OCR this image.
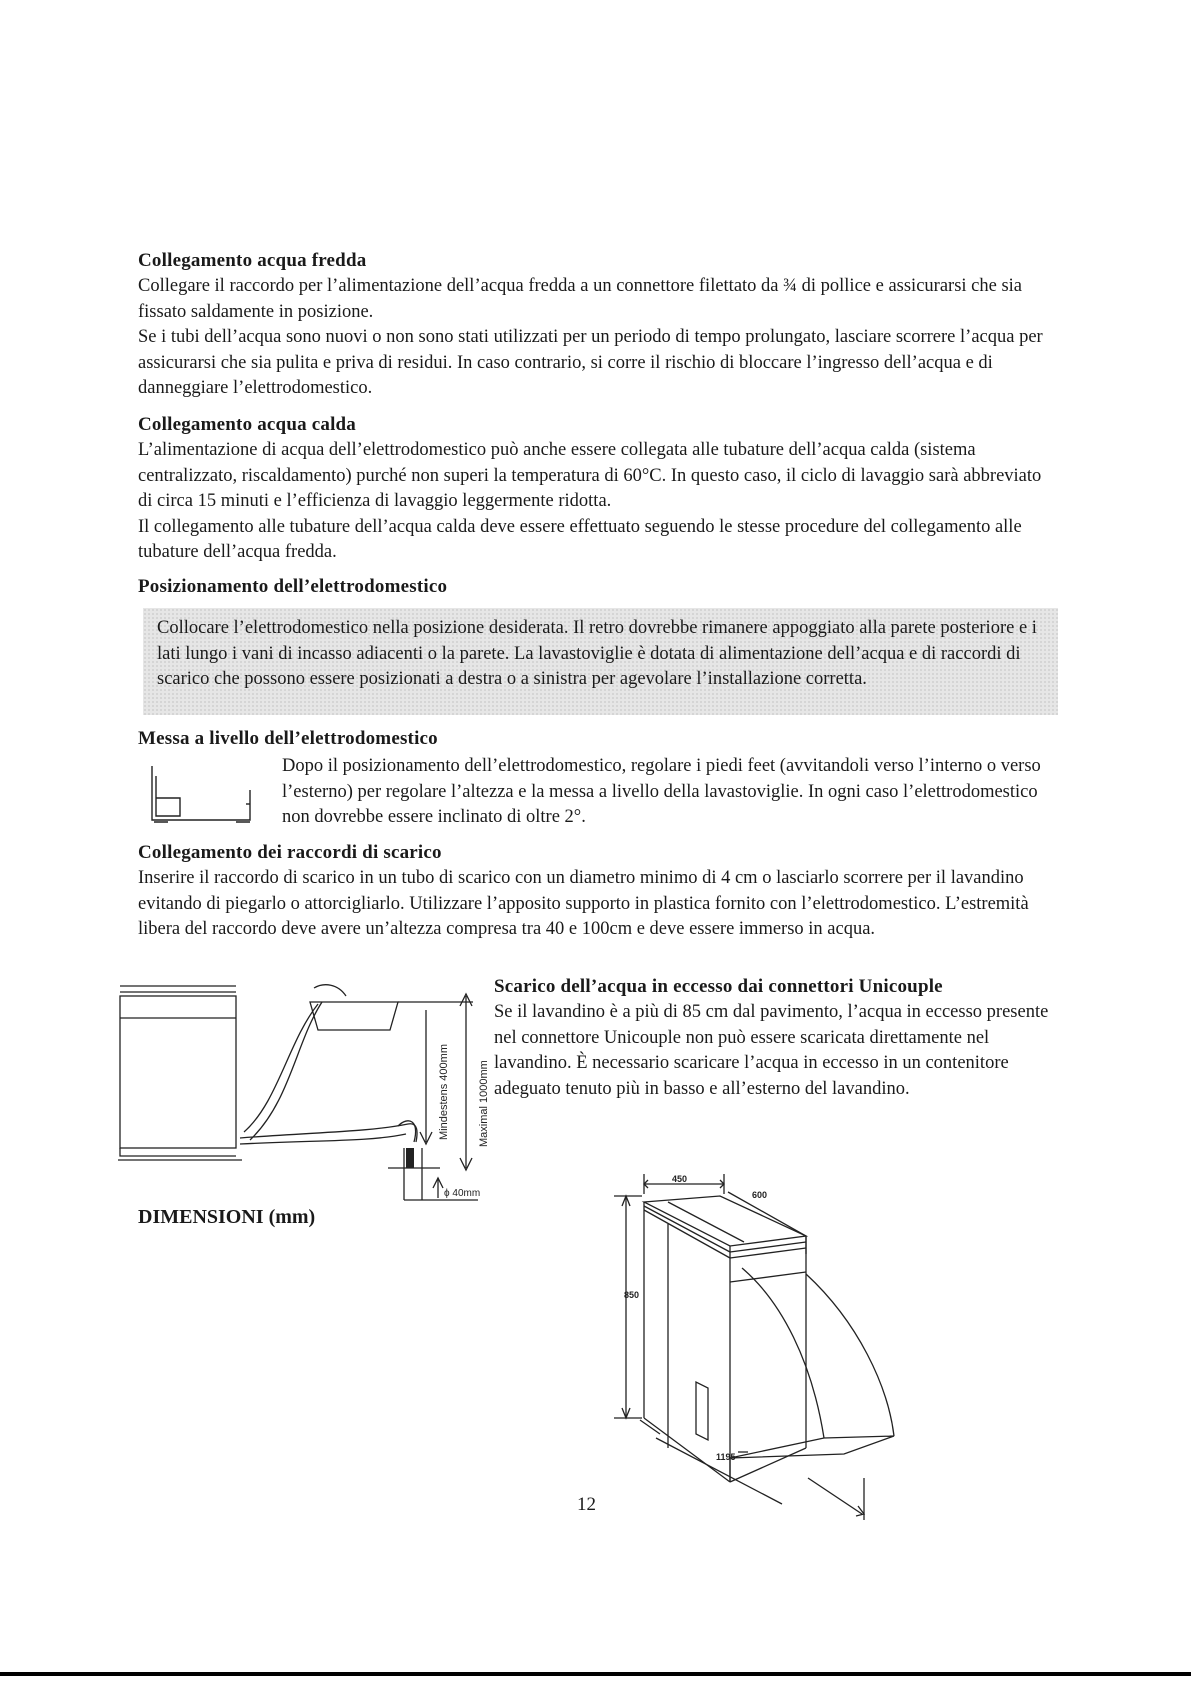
Collegamento acqua fredda

Collegare il raccordo per l’alimentazione dell’acqua fredda a un connettore filettato da ¾ di pollice e assicurarsi che sia fissato saldamente in posizione.

Se i tubi dell’acqua sono nuovi o non sono stati utilizzati per un periodo di tempo prolungato, lasciare scorrere l’acqua per assicurarsi che sia pulita e priva di residui. In caso contrario, si corre il rischio di bloccare l’ingresso dell’acqua e di danneggiare l’elettrodomestico.

Collegamento acqua calda

L’alimentazione di acqua dell’elettrodomestico può anche essere collegata alle tubature dell’acqua calda (sistema centralizzato, riscaldamento) purché non superi la temperatura di 60°C. In questo caso, il ciclo di lavaggio sarà abbreviato di circa 15 minuti e l’efficienza di lavaggio leggermente ridotta.

Il collegamento alle tubature dell’acqua calda deve essere effettuato seguendo le stesse procedure del collegamento alle tubature dell’acqua fredda.

Posizionamento dell’elettrodomestico

Collocare l’elettrodomestico nella posizione desiderata. Il retro dovrebbe rimanere appoggiato alla parete posteriore e i lati lungo i vani di incasso adiacenti o la parete. La lavastoviglie è dotata di alimentazione dell’acqua e di raccordi di scarico che possono essere posizionati a destra o a sinistra per agevolare l’installazione corretta.

Messa a livello dell’elettrodomestico

Dopo il posizionamento dell’elettrodomestico, regolare i piedi feet (avvitandoli verso l’interno o verso l’esterno) per regolare l’altezza e la messa a livello della lavastoviglie. In ogni caso l’elettrodomestico non dovrebbe essere inclinato di oltre 2°.

Collegamento dei raccordi di scarico

Inserire il raccordo di scarico in un tubo di scarico con un diametro minimo di 4 cm o lasciarlo scorrere per il lavandino evitando di piegarlo o attorcigliarlo. Utilizzare l’apposito supporto in plastica fornito con l’elettrodomestico. L’estremità libera del raccordo deve avere un’altezza compresa tra 40 e 100cm e deve essere immerso in acqua.

Mindestens 400mm	Maximal 1000mm
ϕ 40mm
Scarico dell’acqua in eccesso dai connettori Unicouple

Se il lavandino è a più di 85 cm dal pavimento, l’acqua in eccesso presente nel connettore Unicouple non può essere scaricata direttamente nel lavandino. È necessario scaricare l’acqua in eccesso in un contenitore adeguato tenuto più in basso e all’esterno del lavandino.

DIMENSIONI (mm)
450
600
850
1195
12
